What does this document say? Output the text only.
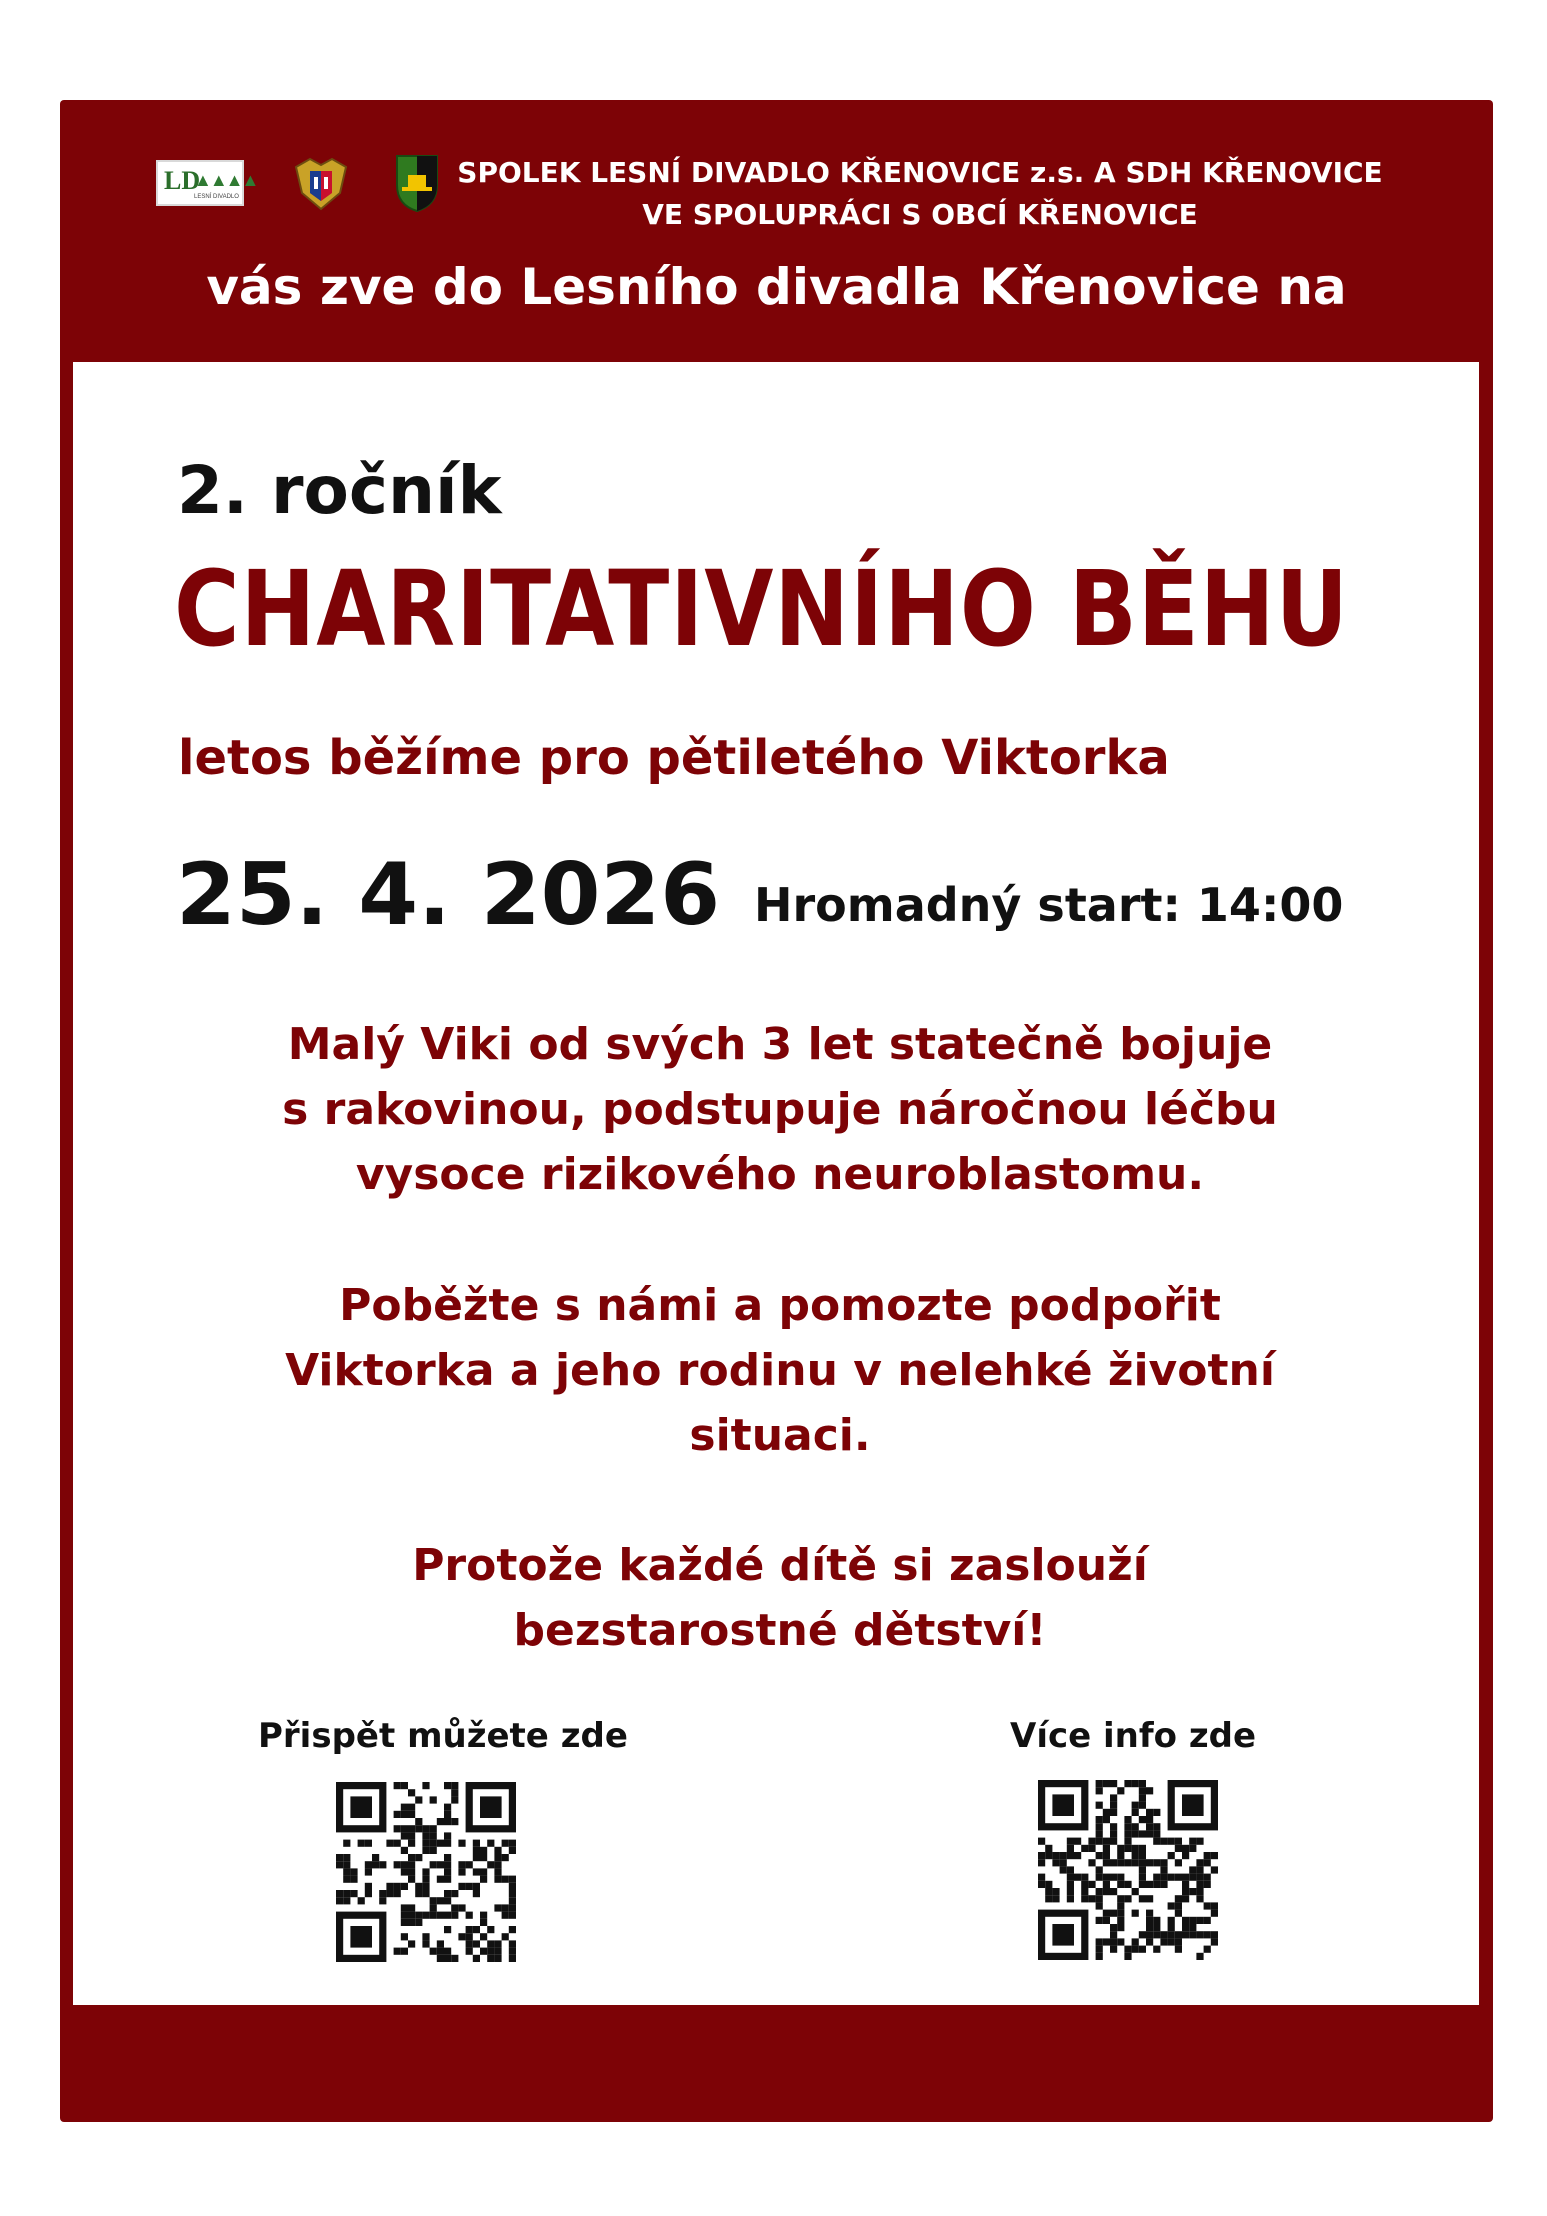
LD
▲▲▲▲
LESNÍ DIVADLO
SPOLEK LESNÍ DIVADLO KŘENOVICE z.s. A SDH KŘENOVICE
VE SPOLUPRÁCI S OBCÍ KŘENOVICE
vás zve do Lesního divadla Křenovice na
2. ročník
CHARITATIVNÍHO BĚHU
letos běžíme pro pětiletého Viktorka
25. 4. 2026 Hromadný start: 14:00
Malý Viki od svých 3 let statečně bojuje
s rakovinou, podstupuje náročnou léčbu
vysoce rizikového neuroblastomu.
Poběžte s námi a pomozte podpořit
Viktorka a jeho rodinu v nelehké životní
situaci.
Protože každé dítě si zaslouží
bezstarostné dětství!
Přispět můžete zde	Více info zde
